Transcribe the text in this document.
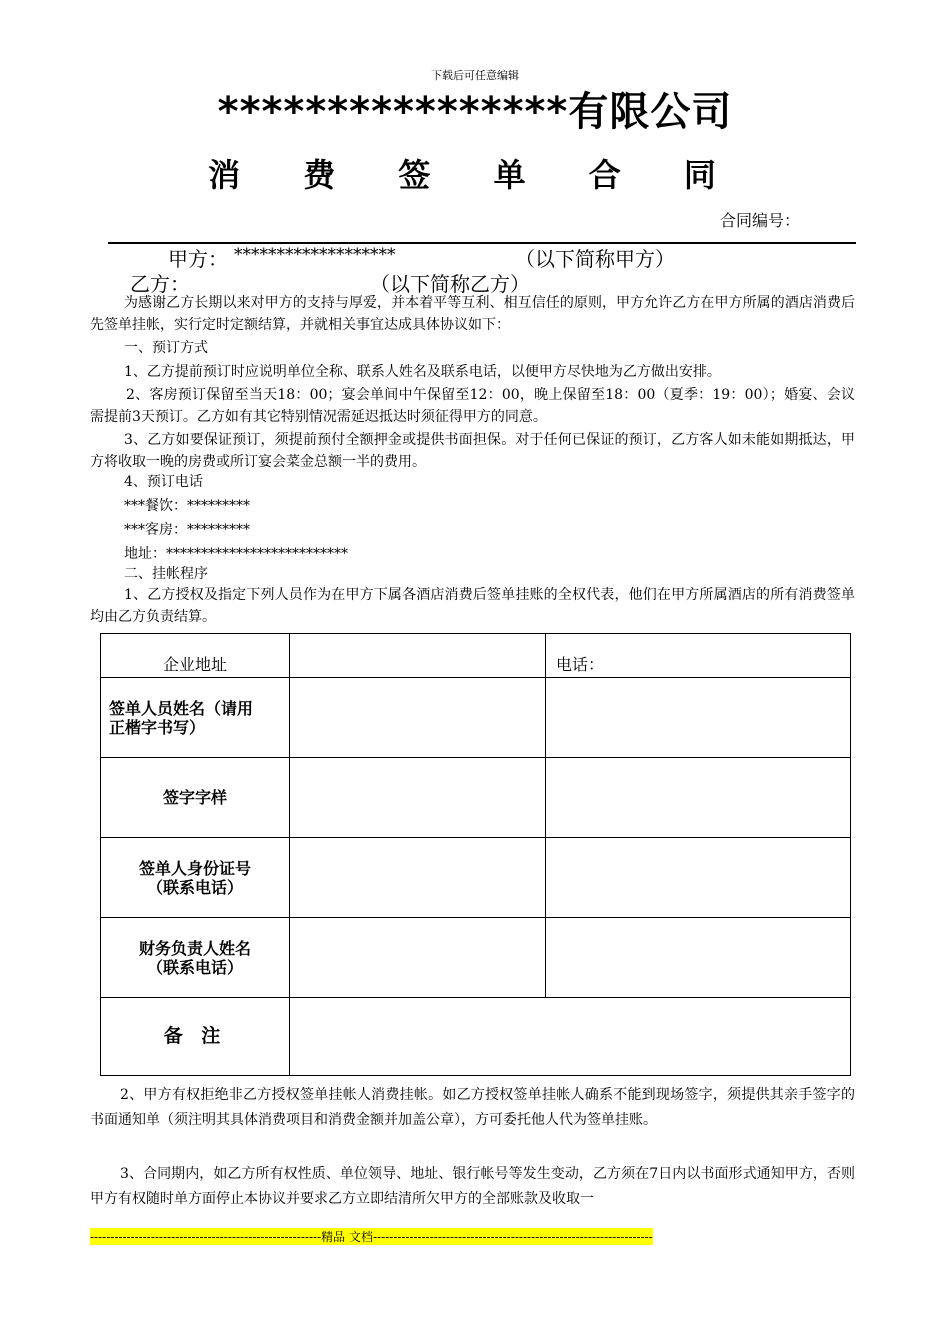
下载后可任意编辑
****************有限公司
消 费 签 单 合 同
合同编号：
甲方： *******************	（以下简称甲方）
乙方：	（以下简称乙方）
为感谢乙方长期以来对甲方的支持与厚爱，并本着平等互利、相互信任的原则，甲方允许乙方在甲方所属的酒店消费后先签单挂帐，实行定时定额结算，并就相关事宜达成具体协议如下：
一、预订方式
1、乙方提前预订时应说明单位全称、联系人姓名及联系电话，以便甲方尽快地为乙方做出安排。
2、客房预订保留至当天18：00；宴会单间中午保留至12：00，晚上保留至18：00（夏季：19：00）；婚宴、会议需提前3天预订。乙方如有其它特别情况需延迟抵达时须征得甲方的同意。
3、乙方如要保证预订，须提前预付全额押金或提供书面担保。对于任何已保证的预订，乙方客人如未能如期抵达，甲方将收取一晚的房费或所订宴会菜金总额一半的费用。
4、预订电话
***餐饮：*********
***客房：*********
地址：**************************
二、挂帐程序
1、乙方授权及指定下列人员作为在甲方下属各酒店消费后签单挂账的全权代表，他们在甲方所属酒店的所有消费签单均由乙方负责结算。
企业地址		电话：
签单人员姓名（请用正楷字书写）		
签字字样		
签单人身份证号（联系电话）		
财务负责人姓名（联系电话）		
备 注		
2、甲方有权拒绝非乙方授权签单挂帐人消费挂帐。如乙方授权签单挂帐人确系不能到现场签字，须提供其亲手签字的书面通知单（须注明其具体消费项目和消费金额并加盖公章），方可委托他人代为签单挂账。
3、合同期内，如乙方所有权性质、单位领导、地址、银行帐号等发生变动，乙方须在7日内以书面形式通知甲方，否则甲方有权随时单方面停止本协议并要求乙方立即结清所欠甲方的全部账款及收取一
---------------------------------------------------------精品 文档---------------------------------------------------------------------
